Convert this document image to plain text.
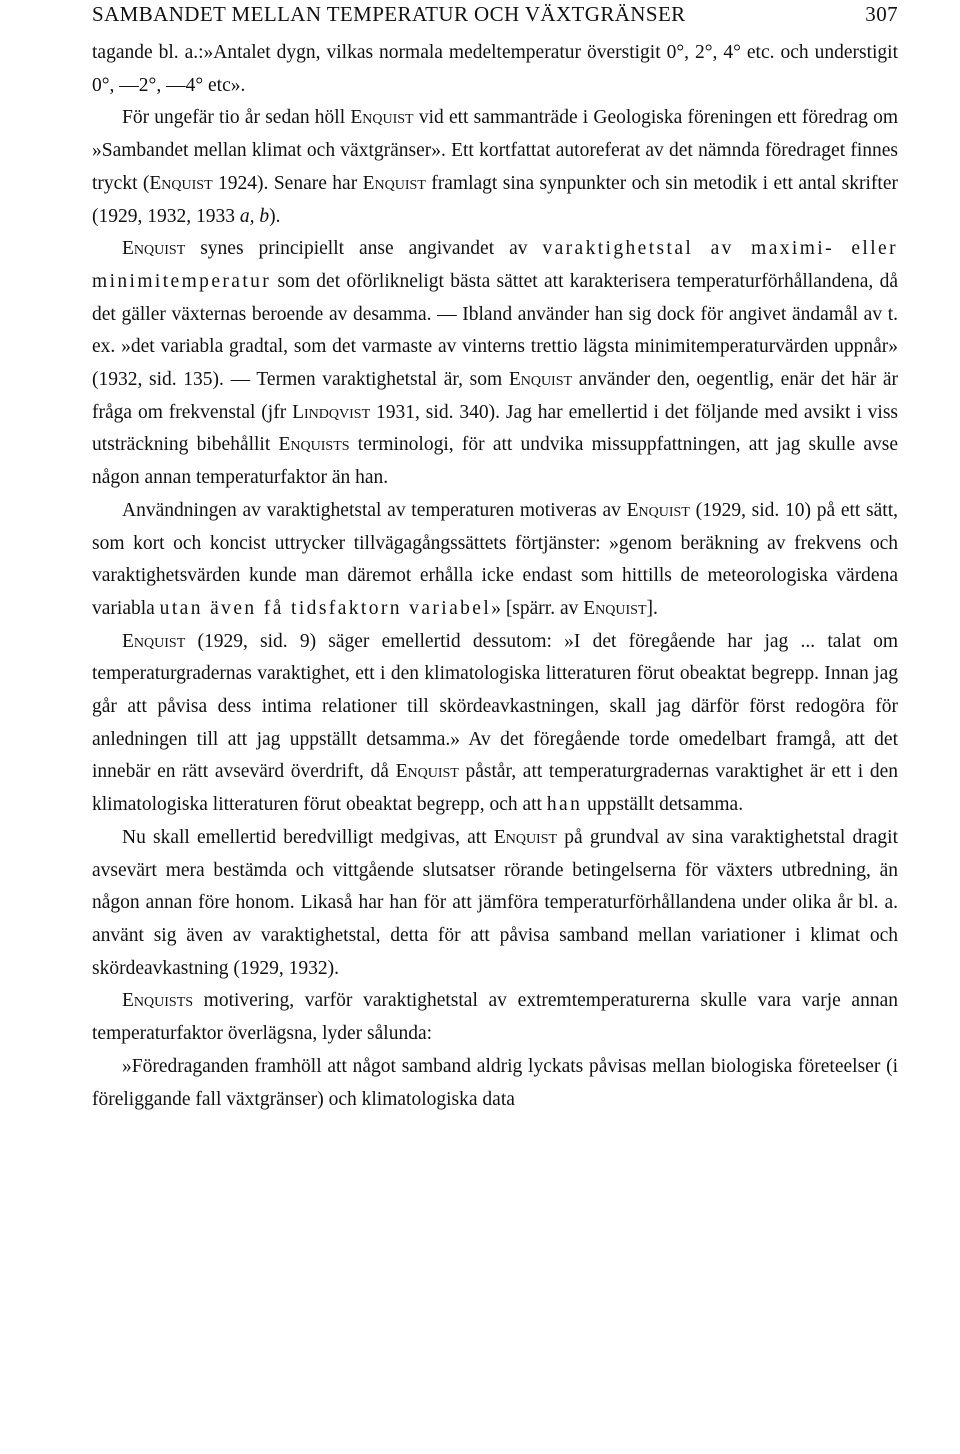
SAMBANDET MELLAN TEMPERATUR OCH VÄXTGRÄNSER	307

tagande bl. a.:»Antalet dygn, vilkas normala medeltemperatur överstigit 0°, 2°, 4° etc. och understigit 0°, —2°, —4° etc».

För ungefär tio år sedan höll Enquist vid ett sammanträde i Geologiska föreningen ett föredrag om »Sambandet mellan klimat och växtgränser». Ett kortfattat autoreferat av det nämnda föredraget finnes tryckt (Enquist 1924). Senare har Enquist framlagt sina synpunkter och sin metodik i ett antal skrifter (1929, 1932, 1933 a, b).

Enquist synes principiellt anse angivandet av varaktighetstal av maximi- eller minimitemperatur som det oförlikneligt bästa sättet att karakterisera temperaturförhållandena, då det gäller växternas beroende av desamma. — Ibland använder han sig dock för angivet ändamål av t. ex. »det variabla gradtal, som det varmaste av vinterns trettio lägsta minimitemperaturvärden uppnår» (1932, sid. 135). — Termen varaktighetstal är, som Enquist använder den, oegentlig, enär det här är fråga om frekvenstal (jfr Lindqvist 1931, sid. 340). Jag har emellertid i det följande med avsikt i viss utsträckning bibehållit Enquists terminologi, för att undvika missuppfattningen, att jag skulle avse någon annan temperaturfaktor än han.

Användningen av varaktighetstal av temperaturen motiveras av Enquist (1929, sid. 10) på ett sätt, som kort och koncist uttrycker tillvägagångssättets förtjänster: »genom beräkning av frekvens och varaktighetsvärden kunde man däremot erhålla icke endast som hittills de meteorologiska värdena variabla utan även få tidsfaktorn variabel» [spärr. av Enquist].

Enquist (1929, sid. 9) säger emellertid dessutom: »I det föregående har jag ... talat om temperaturgradernas varaktighet, ett i den klimatologiska litteraturen förut obeaktat begrepp. Innan jag går att påvisa dess intima relationer till skördeavkastningen, skall jag därför först redogöra för anledningen till att jag uppställt detsamma.» Av det föregående torde omedelbart framgå, att det innebär en rätt avsevärd överdrift, då Enquist påstår, att temperaturgradernas varaktighet är ett i den klimatologiska litteraturen förut obeaktat begrepp, och att han uppställt detsamma.

Nu skall emellertid beredvilligt medgivas, att Enquist på grundval av sina varaktighetstal dragit avsevärt mera bestämda och vittgående slutsatser rörande betingelserna för växters utbredning, än någon annan före honom. Likaså har han för att jämföra temperaturförhållandena under olika år bl. a. använt sig även av varaktighetstal, detta för att påvisa samband mellan variationer i klimat och skördeavkastning (1929, 1932).

Enquists motivering, varför varaktighetstal av extremtemperaturerna skulle vara varje annan temperaturfaktor överlägsna, lyder sålunda:

»Föredraganden framhöll att något samband aldrig lyckats påvisas mellan biologiska företeelser (i föreliggande fall växtgränser) och klimatologiska data
